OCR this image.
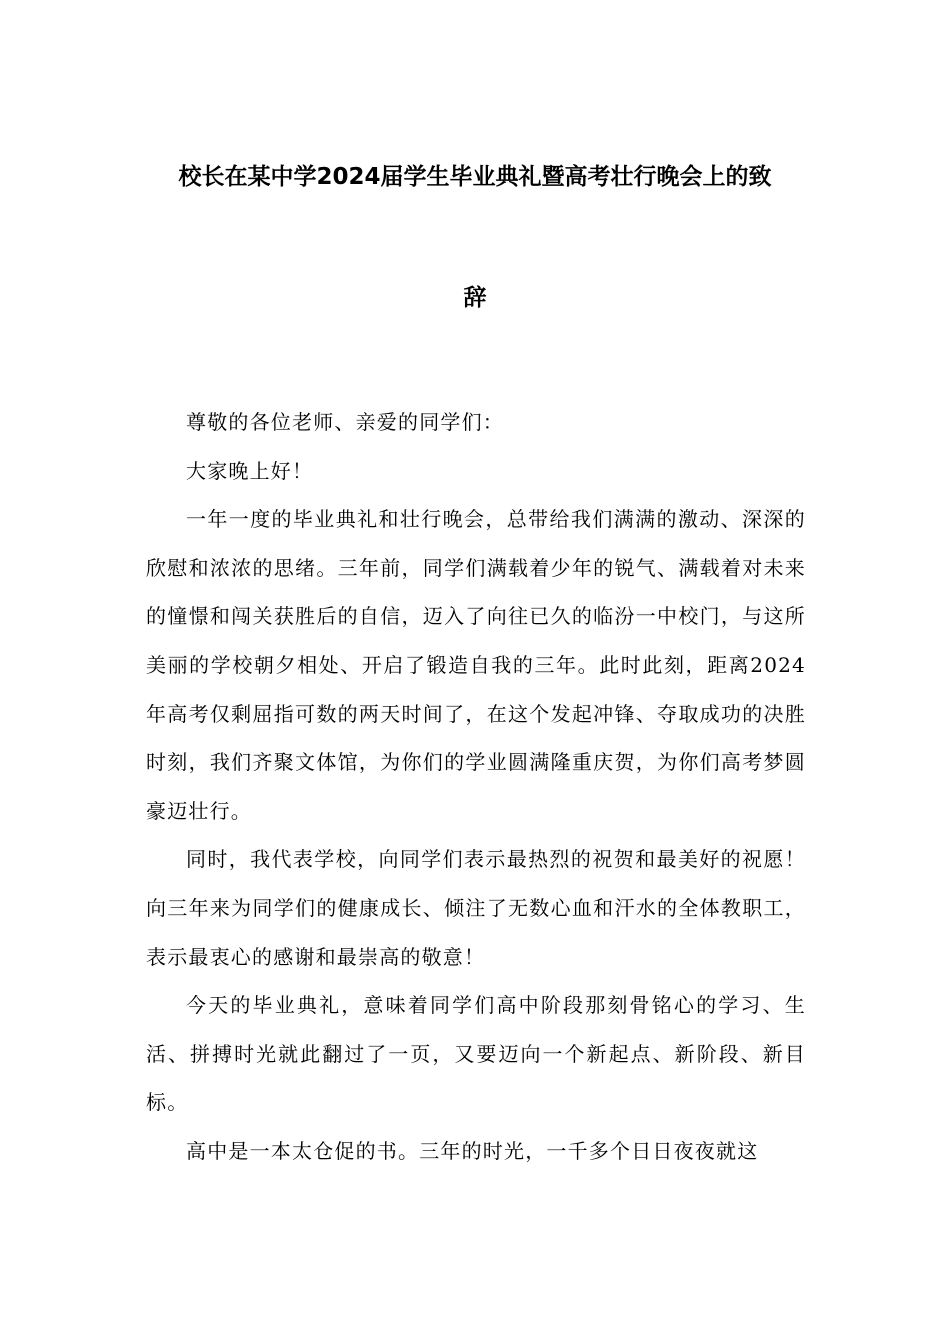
校长在某中学2024届学生毕业典礼暨高考壮行晚会上的致
辞

尊敬的各位老师、亲爱的同学们：

大家晚上好！

一年一度的毕业典礼和壮行晚会，总带给我们满满的激动、深深的欣慰和浓浓的思绪。三年前，同学们满载着少年的锐气、满载着对未来的憧憬和闯关获胜后的自信，迈入了向往已久的临汾一中校门，与这所美丽的学校朝夕相处、开启了锻造自我的三年。此时此刻，距离2024年高考仅剩屈指可数的两天时间了，在这个发起冲锋、夺取成功的决胜时刻，我们齐聚文体馆，为你们的学业圆满隆重庆贺，为你们高考梦圆豪迈壮行。

同时，我代表学校，向同学们表示最热烈的祝贺和最美好的祝愿！向三年来为同学们的健康成长、倾注了无数心血和汗水的全体教职工，表示最衷心的感谢和最崇高的敬意！

今天的毕业典礼，意味着同学们高中阶段那刻骨铭心的学习、生活、拼搏时光就此翻过了一页，又要迈向一个新起点、新阶段、新目标。

高中是一本太仓促的书。三年的时光，一千多个日日夜夜就这
